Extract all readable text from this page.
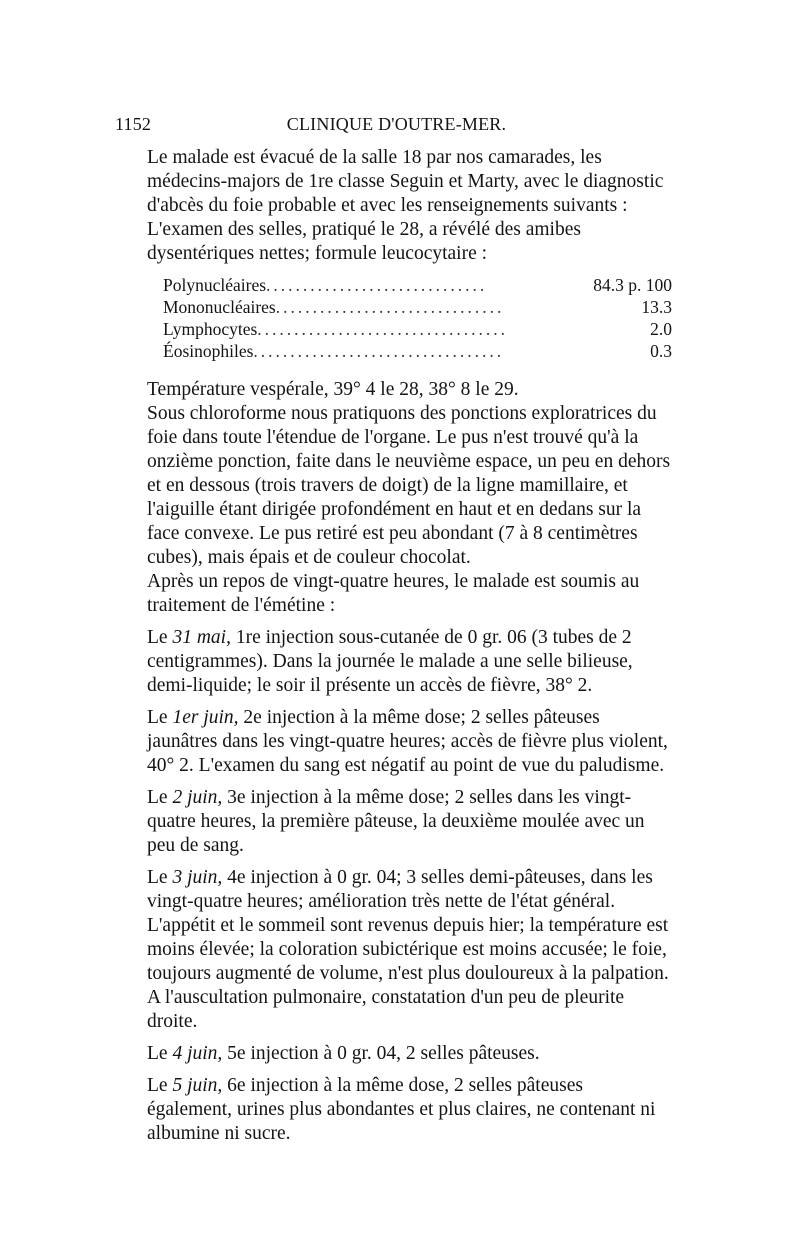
1152	CLINIQUE D'OUTRE-MER.

Le malade est évacué de la salle 18 par nos camarades, les médecins-majors de 1re classe Seguin et Marty, avec le diagnostic d'abcès du foie probable et avec les renseignements suivants : L'examen des selles, pratiqué le 28, a révélé des amibes dysentériques nettes; formule leucocytaire :

Polynucléaires..............................	84.3 p. 100
Mononucléaires...............................	13.3
Lymphocytes..................................	2.0
Éosinophiles..................................	0.3

Température vespérale, 39° 4 le 28, 38° 8 le 29.

Sous chloroforme nous pratiquons des ponctions exploratrices du foie dans toute l'étendue de l'organe. Le pus n'est trouvé qu'à la onzième ponction, faite dans le neuvième espace, un peu en dehors et en dessous (trois travers de doigt) de la ligne mamillaire, et l'aiguille étant dirigée profondément en haut et en dedans sur la face convexe. Le pus retiré est peu abondant (7 à 8 centimètres cubes), mais épais et de couleur chocolat.

Après un repos de vingt-quatre heures, le malade est soumis au traitement de l'émétine :

Le 31 mai, 1re injection sous-cutanée de 0 gr. 06 (3 tubes de 2 centigrammes). Dans la journée le malade a une selle bilieuse, demi-liquide; le soir il présente un accès de fièvre, 38° 2.

Le 1er juin, 2e injection à la même dose; 2 selles pâteuses jaunâtres dans les vingt-quatre heures; accès de fièvre plus violent, 40° 2. L'examen du sang est négatif au point de vue du paludisme.

Le 2 juin, 3e injection à la même dose; 2 selles dans les vingt-quatre heures, la première pâteuse, la deuxième moulée avec un peu de sang.

Le 3 juin, 4e injection à 0 gr. 04; 3 selles demi-pâteuses, dans les vingt-quatre heures; amélioration très nette de l'état général. L'appétit et le sommeil sont revenus depuis hier; la température est moins élevée; la coloration subictérique est moins accusée; le foie, toujours augmenté de volume, n'est plus douloureux à la palpation. A l'auscultation pulmonaire, constatation d'un peu de pleurite droite.

Le 4 juin, 5e injection à 0 gr. 04, 2 selles pâteuses.

Le 5 juin, 6e injection à la même dose, 2 selles pâteuses également, urines plus abondantes et plus claires, ne contenant ni albumine ni sucre.
